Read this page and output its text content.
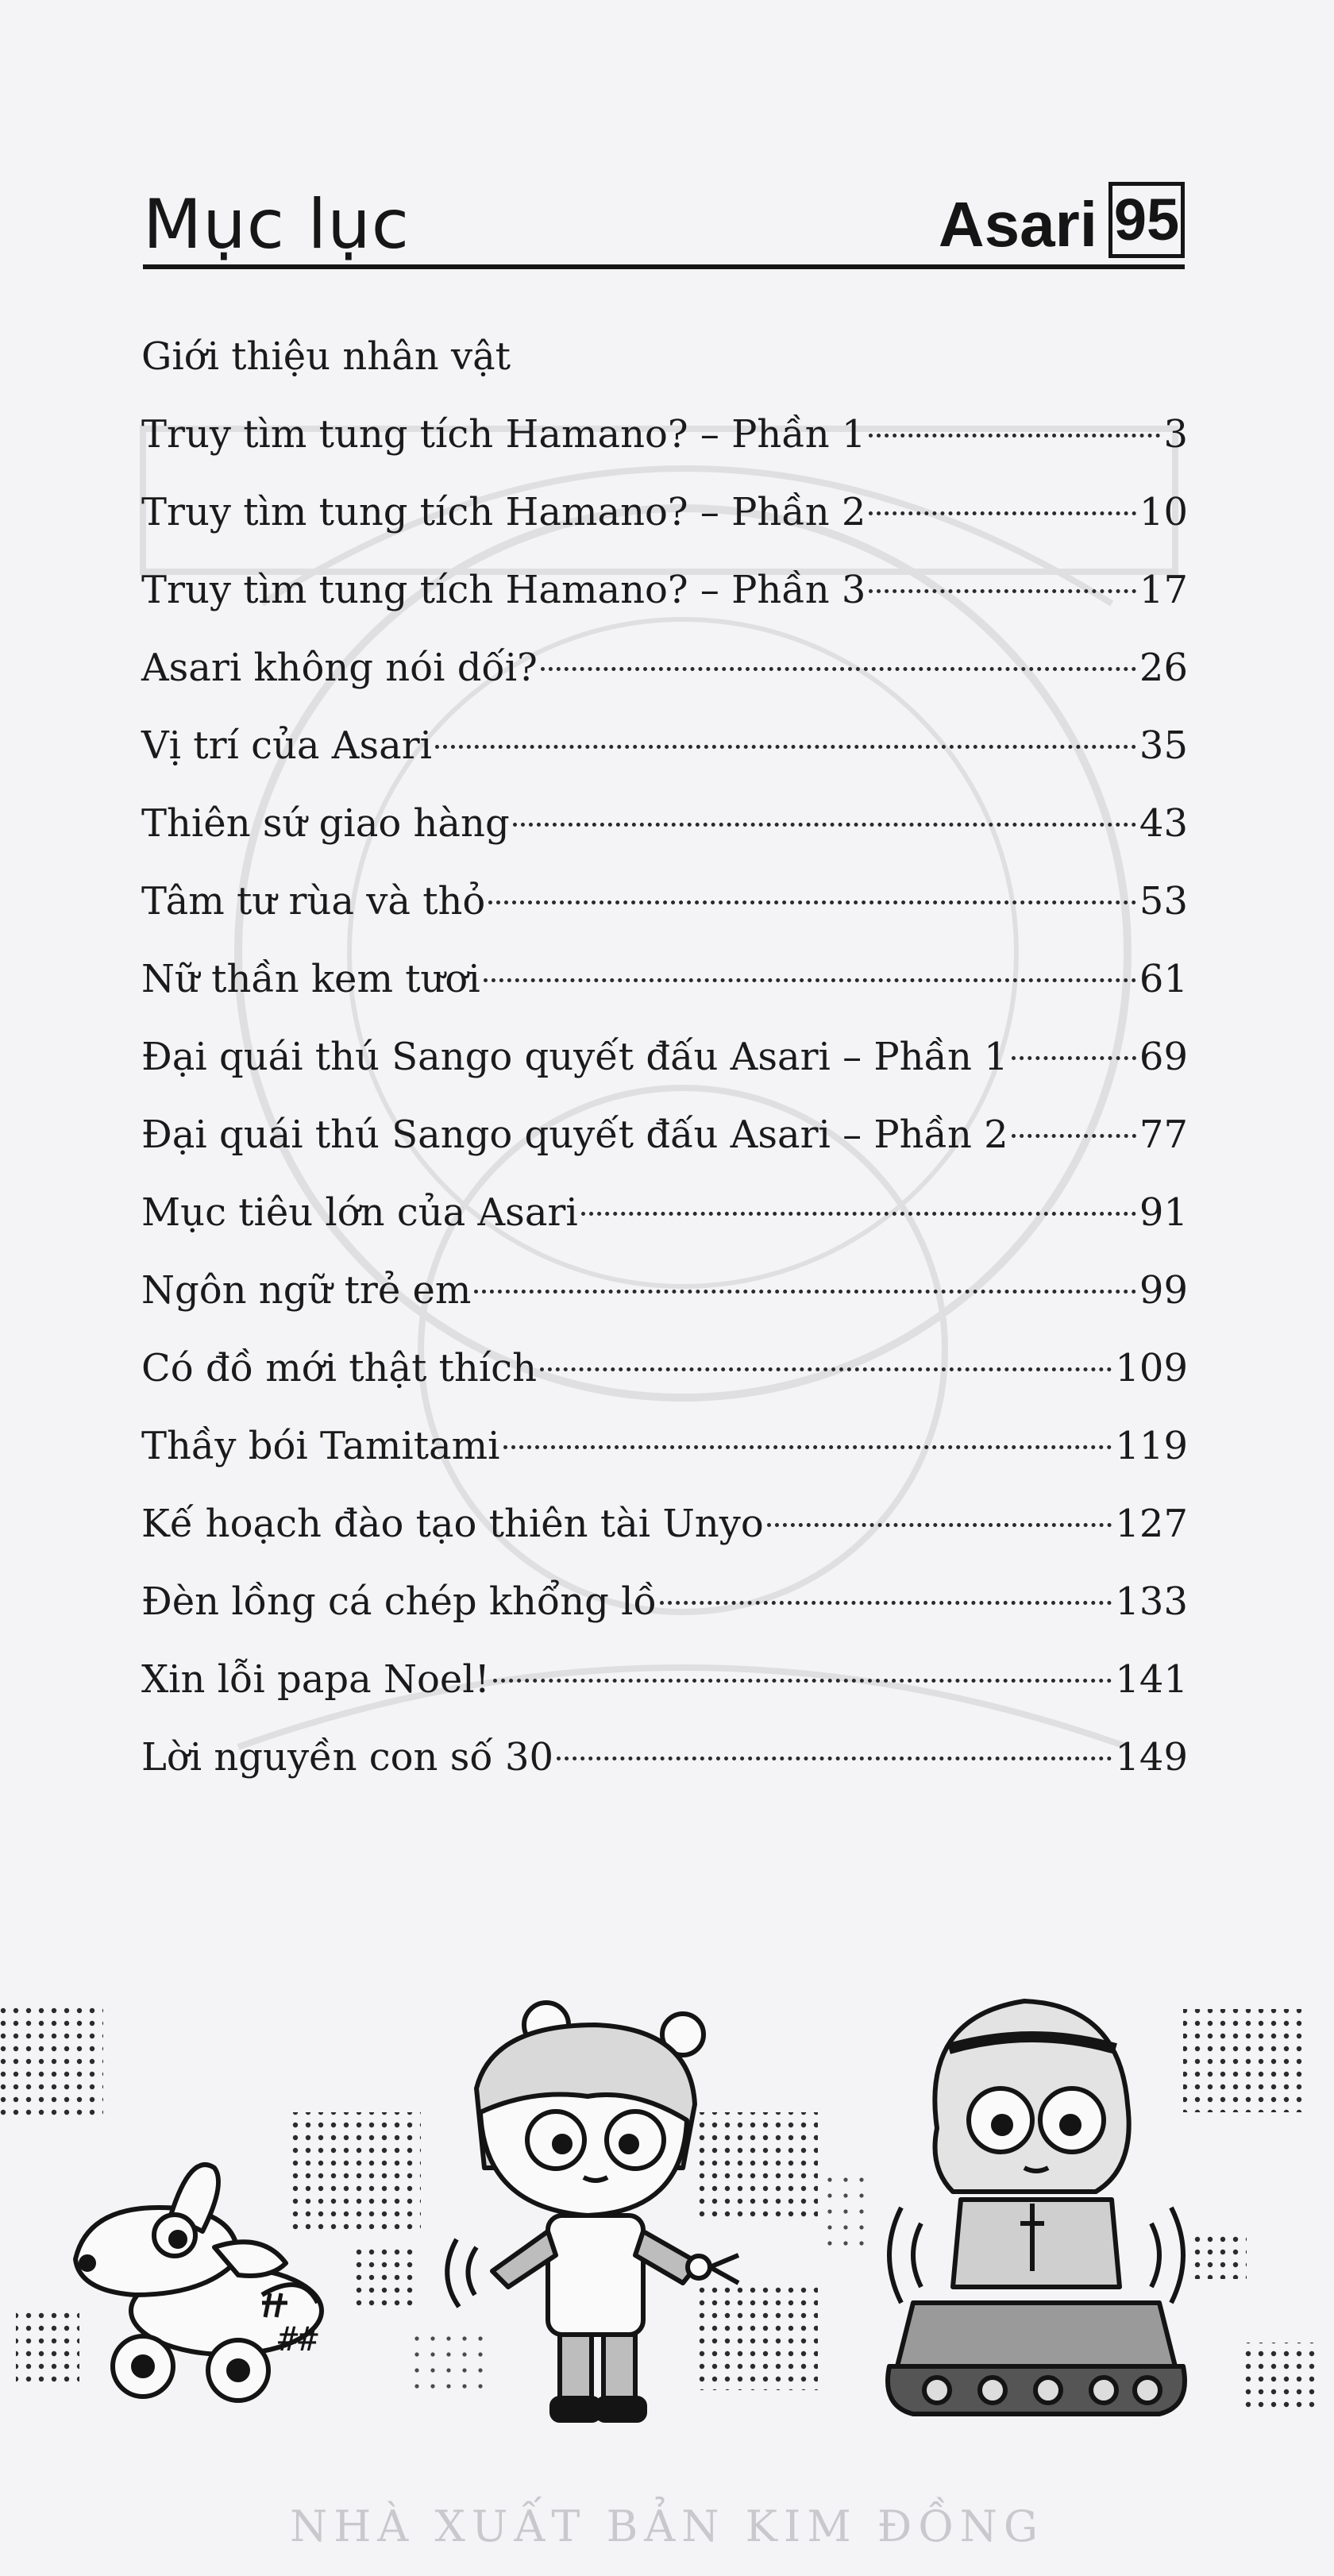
Mục lục	Asari 95
Giới thiệu nhân vật
Truy tìm tung tích Hamano? – Phần 1	3
Truy tìm tung tích Hamano? – Phần 2	10
Truy tìm tung tích Hamano? – Phần 3	17
Asari không nói dối?	26
Vị trí của Asari	35
Thiên sứ giao hàng	43
Tâm tư rùa và thỏ	53
Nữ thần kem tươi	61
Đại quái thú Sango quyết đấu Asari – Phần 1	69
Đại quái thú Sango quyết đấu Asari – Phần 2	77
Mục tiêu lớn của Asari	91
Ngôn ngữ trẻ em	99
Có đồ mới thật thích	109
Thầy bói Tamitami	119
Kế hoạch đào tạo thiên tài Unyo	127
Đèn lồng cá chép khổng lồ	133
Xin lỗi papa Noel!	141
Lời nguyền con số 30	149
##
NHÀ XUẤT BẢN KIM ĐỒNG
